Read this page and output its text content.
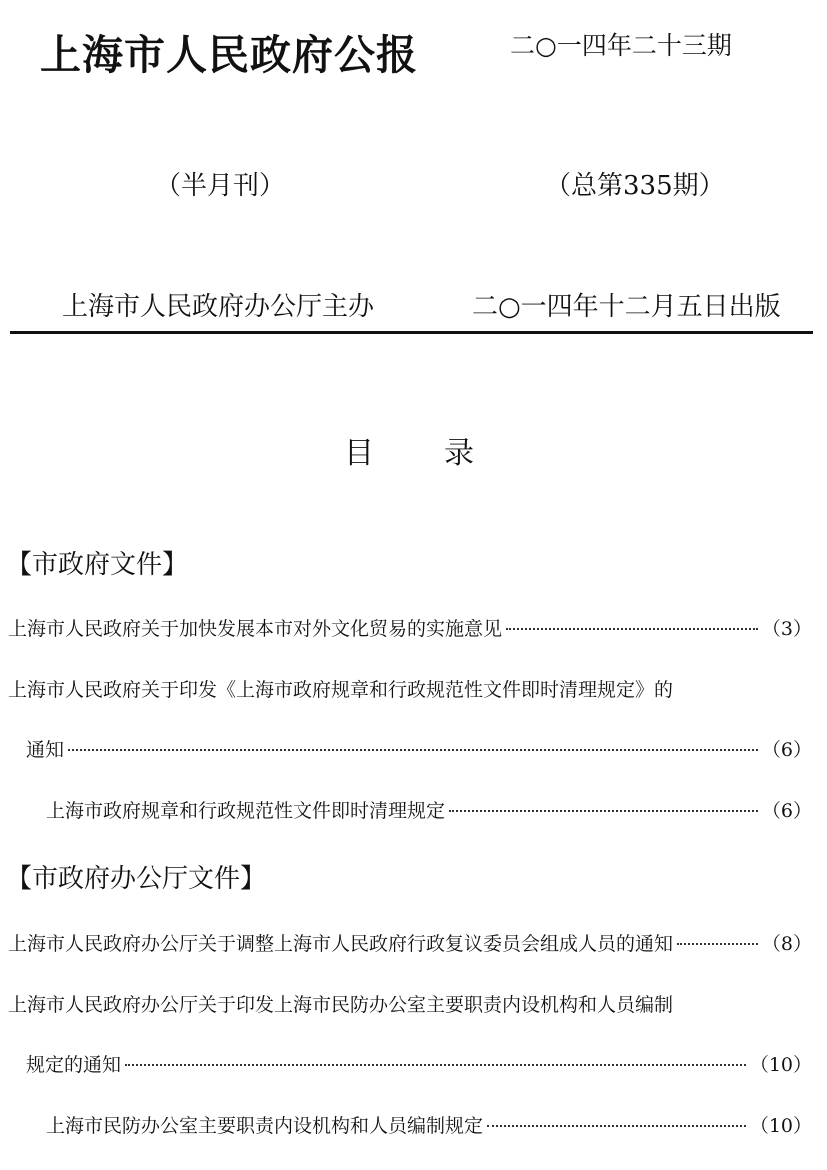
上海市人民政府公报	二○一四年二十三期
（半月刊）	（总第335期）
上海市人民政府办公厅主办	二○一四年十二月五日出版
目录
【市政府文件】
上海市人民政府关于加快发展本市对外文化贸易的实施意见	（3）
上海市人民政府关于印发《上海市政府规章和行政规范性文件即时清理规定》的
通知	（6）
上海市政府规章和行政规范性文件即时清理规定	（6）
【市政府办公厅文件】
上海市人民政府办公厅关于调整上海市人民政府行政复议委员会组成人员的通知	（8）
上海市人民政府办公厅关于印发上海市民防办公室主要职责内设机构和人员编制
规定的通知	（10）
上海市民防办公室主要职责内设机构和人员编制规定	（10）
